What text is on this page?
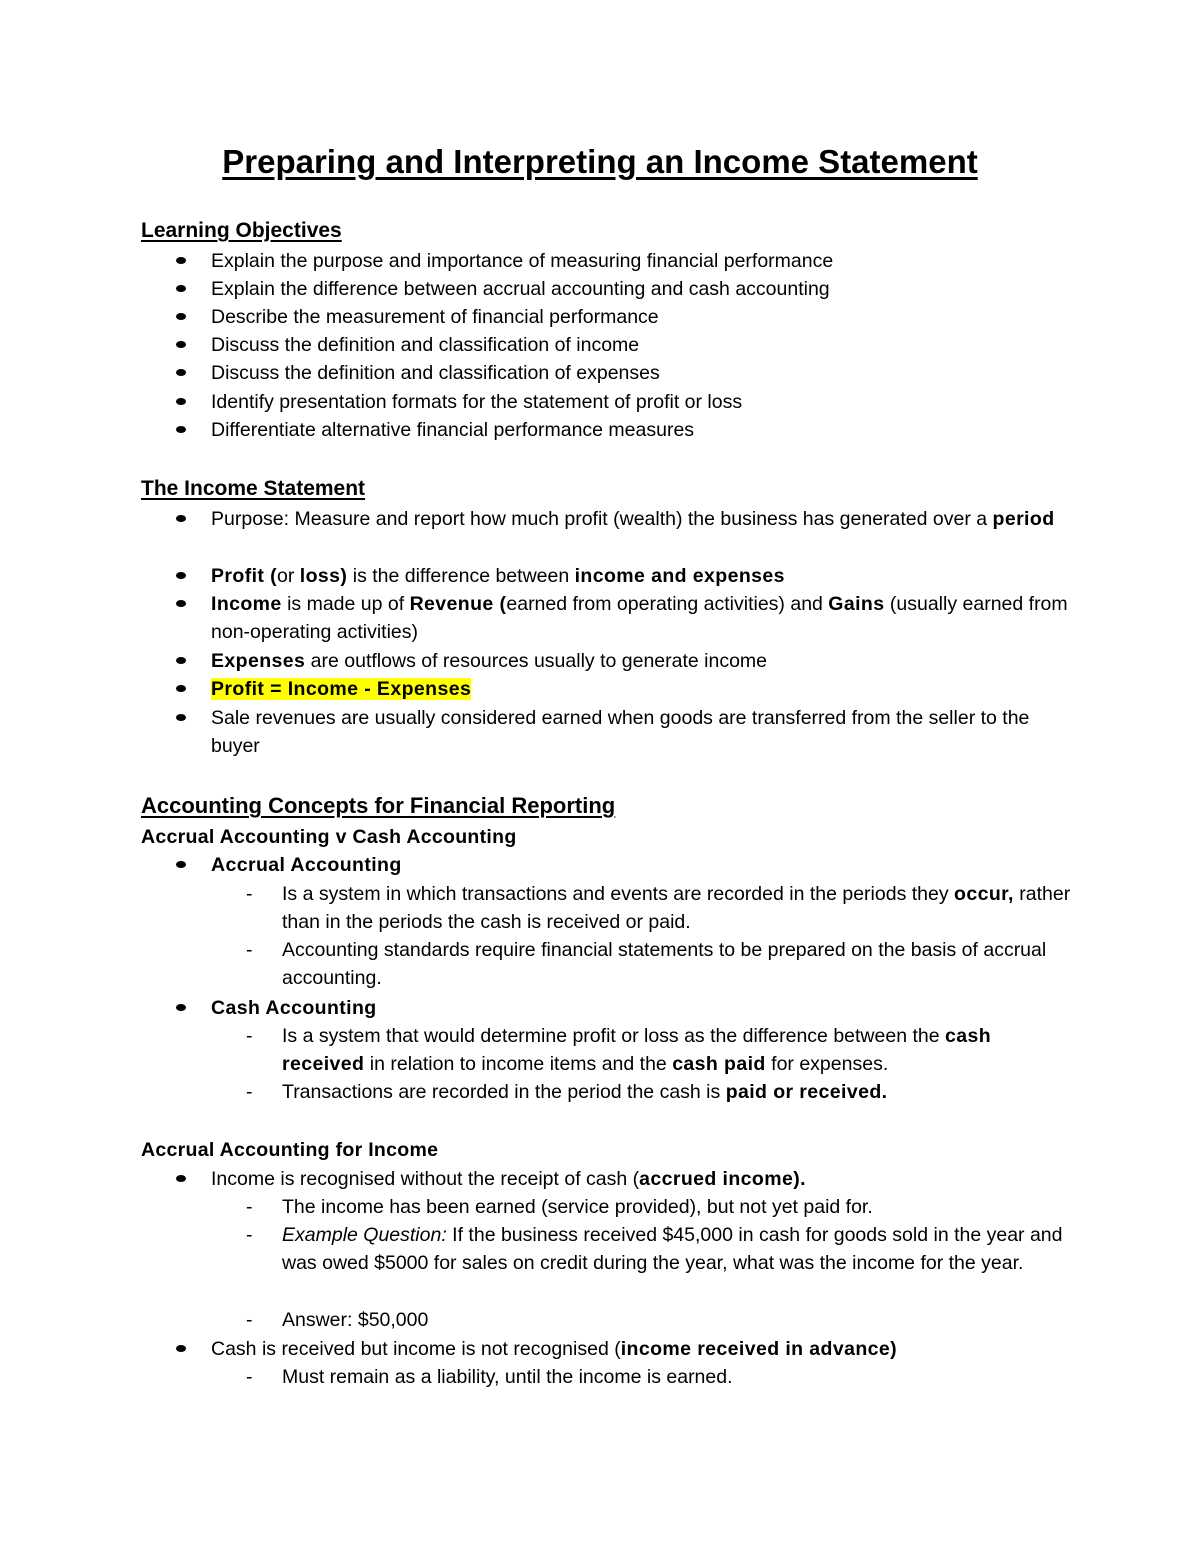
Preparing and Interpreting an Income Statement
Learning Objectives
Explain the purpose and importance of measuring financial performance
Explain the difference between accrual accounting and cash accounting
Describe the measurement of financial performance
Discuss the definition and classification of income
Discuss the definition and classification of expenses
Identify presentation formats for the statement of profit or loss
Differentiate alternative financial performance measures
The Income Statement
Purpose: Measure and report how much profit (wealth) the business has generated over a period
Profit (or loss) is the difference between income and expenses
Income is made up of Revenue (earned from operating activities) and Gains (usually earned from non-operating activities)
Expenses are outflows of resources usually to generate income
Profit = Income - Expenses
Sale revenues are usually considered earned when goods are transferred from the seller to the buyer
Accounting Concepts for Financial Reporting
Accrual Accounting v Cash Accounting
Accrual Accounting
- Is a system in which transactions and events are recorded in the periods they occur, rather than in the periods the cash is received or paid.
- Accounting standards require financial statements to be prepared on the basis of accrual accounting.
Cash Accounting
- Is a system that would determine profit or loss as the difference between the cash received in relation to income items and the cash paid for expenses.
- Transactions are recorded in the period the cash is paid or received.
Accrual Accounting for Income
Income is recognised without the receipt of cash (accrued income).
- The income has been earned (service provided), but not yet paid for.
- Example Question: If the business received $45,000 in cash for goods sold in the year and was owed $5000 for sales on credit during the year, what was the income for the year.
- Answer: $50,000
Cash is received but income is not recognised (income received in advance)
- Must remain as a liability, until the income is earned.
